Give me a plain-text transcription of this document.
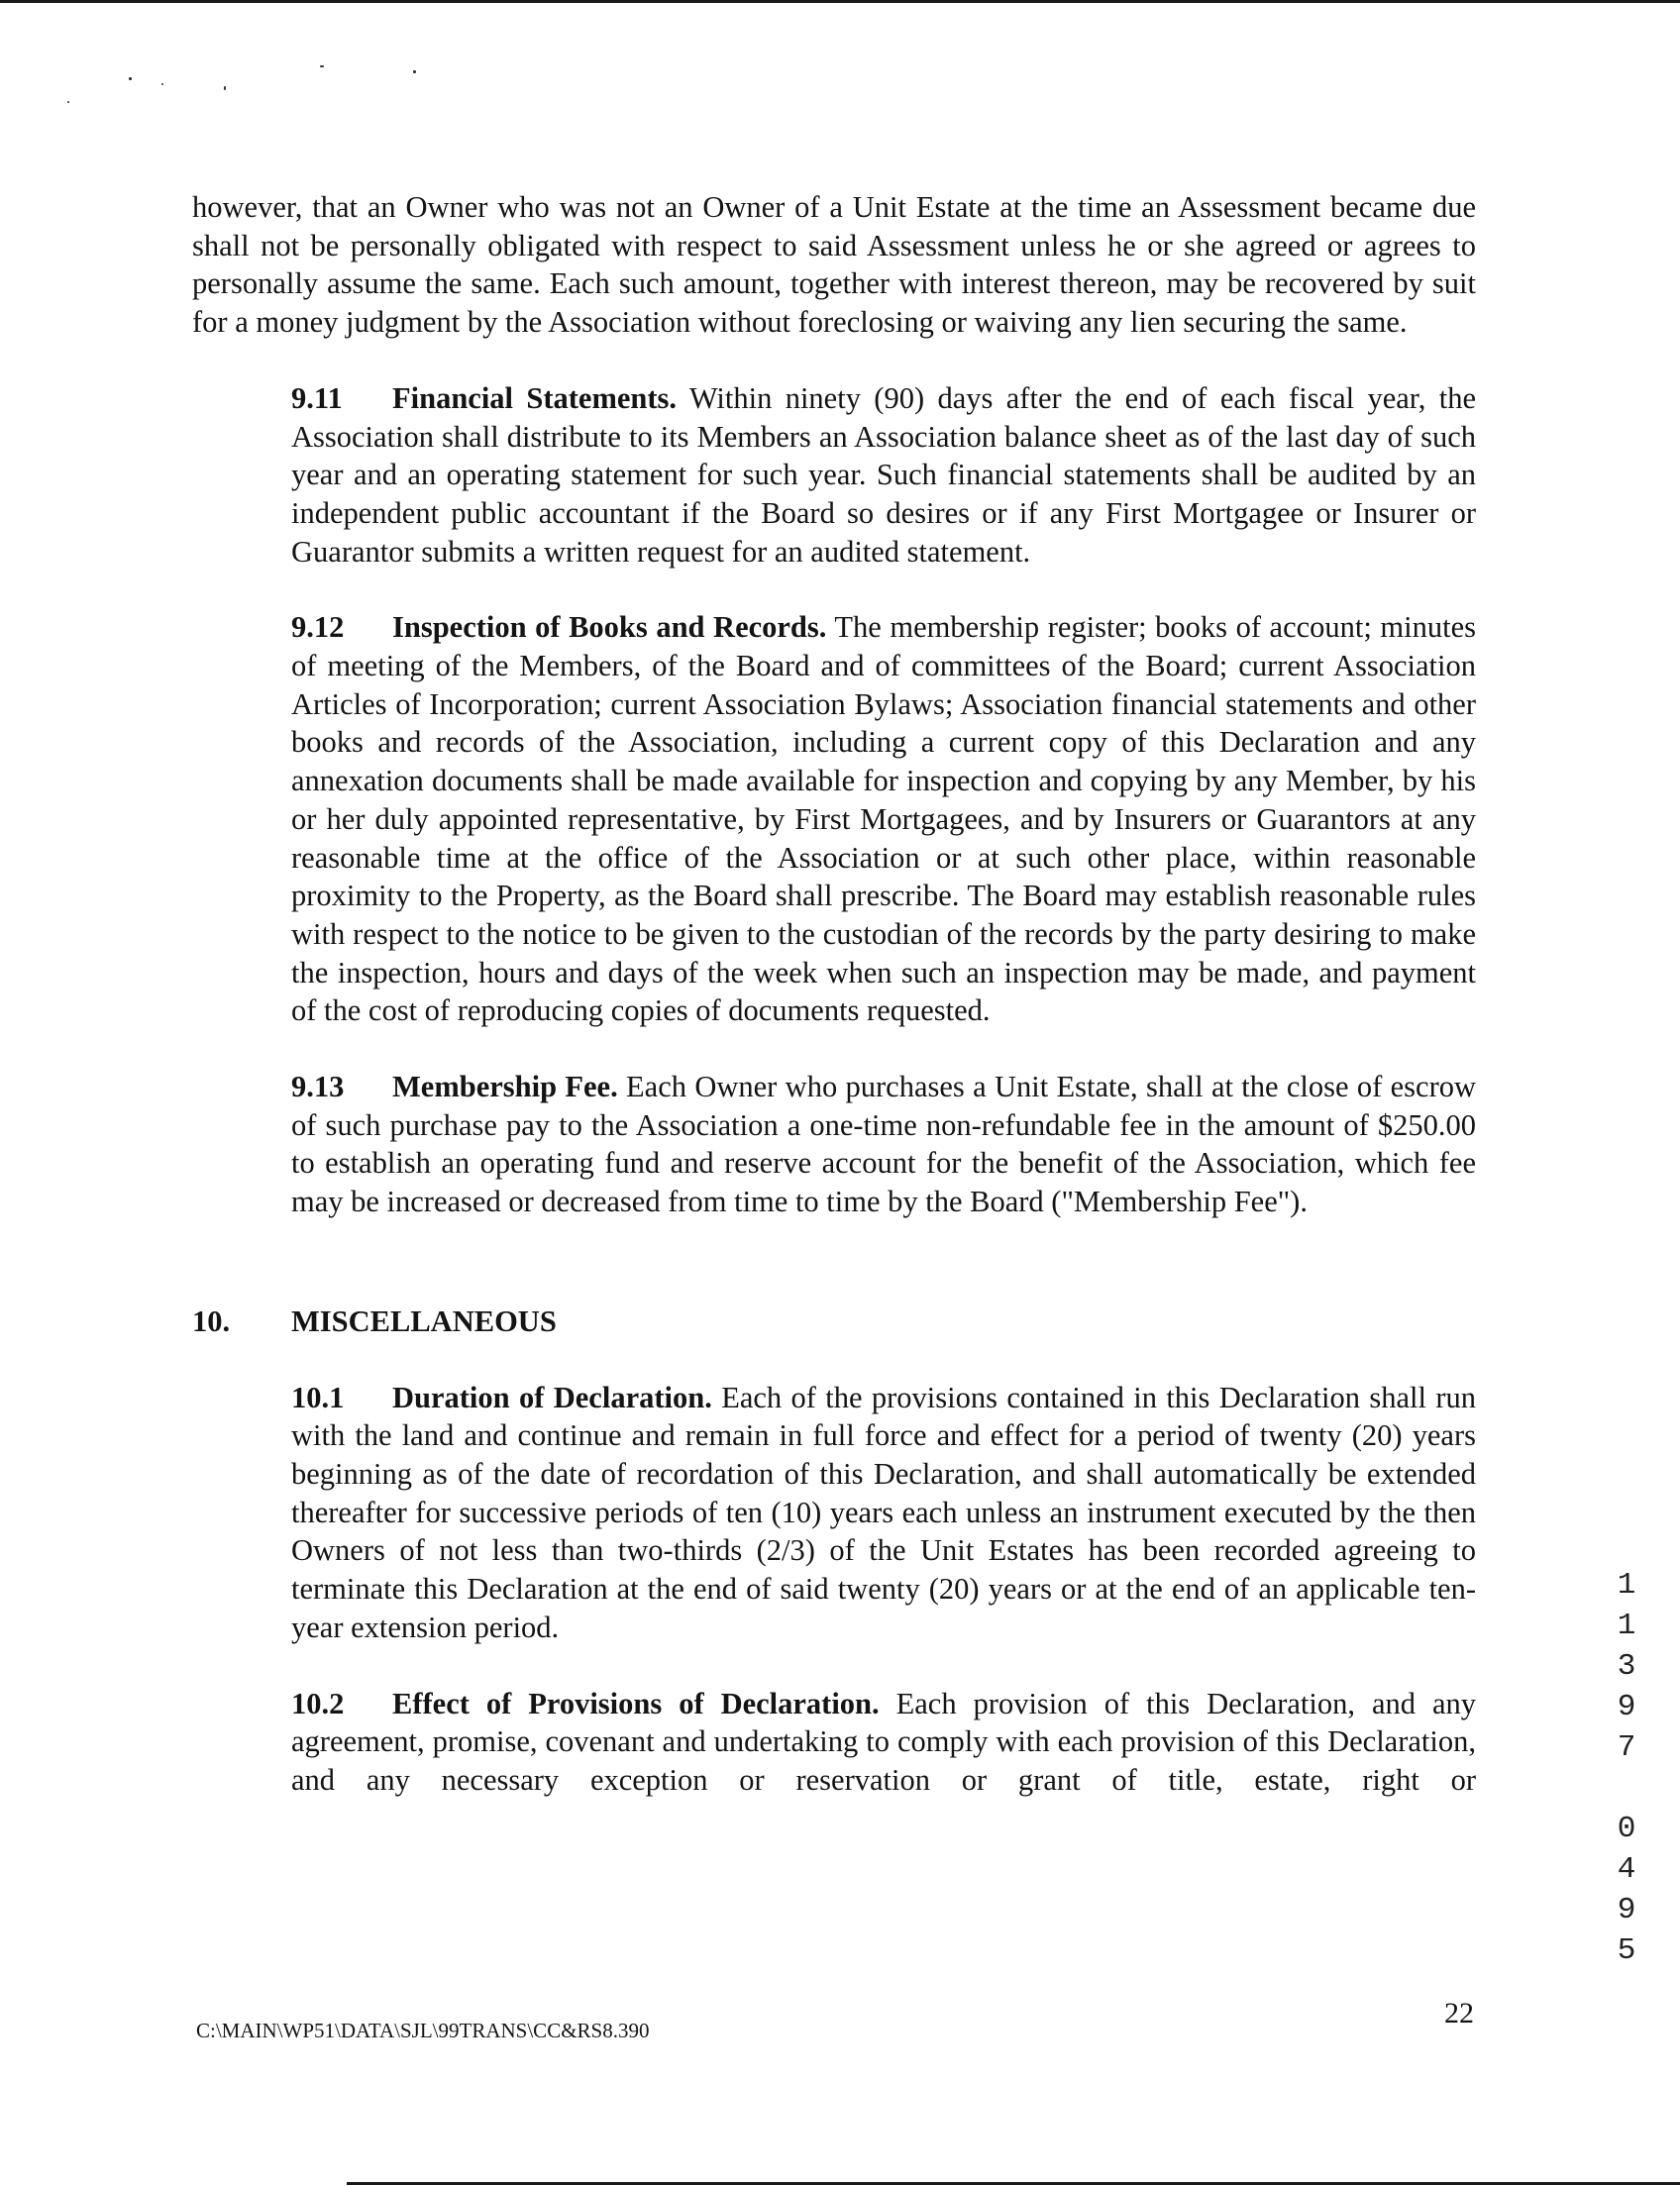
however, that an Owner who was not an Owner of a Unit Estate at the time an Assessment became due shall not be personally obligated with respect to said Assessment unless he or she agreed or agrees to personally assume the same. Each such amount, together with interest thereon, may be recovered by suit for a money judgment by the Association without foreclosing or waiving any lien securing the same.

9.11 Financial Statements. Within ninety (90) days after the end of each fiscal year, the Association shall distribute to its Members an Association balance sheet as of the last day of such year and an operating statement for such year. Such financial statements shall be audited by an independent public accountant if the Board so desires or if any First Mortgagee or Insurer or Guarantor submits a written request for an audited statement.

9.12 Inspection of Books and Records. The membership register; books of account; minutes of meeting of the Members, of the Board and of committees of the Board; current Association Articles of Incorporation; current Association Bylaws; Association financial statements and other books and records of the Association, including a current copy of this Declaration and any annexation documents shall be made available for inspection and copying by any Member, by his or her duly appointed representative, by First Mortgagees, and by Insurers or Guarantors at any reasonable time at the office of the Association or at such other place, within reasonable proximity to the Property, as the Board shall prescribe. The Board may establish reasonable rules with respect to the notice to be given to the custodian of the records by the party desiring to make the inspection, hours and days of the week when such an inspection may be made, and payment of the cost of reproducing copies of documents requested.

9.13 Membership Fee. Each Owner who purchases a Unit Estate, shall at the close of escrow of such purchase pay to the Association a one-time non-refundable fee in the amount of $250.00 to establish an operating fund and reserve account for the benefit of the Association, which fee may be increased or decreased from time to time by the Board ("Membership Fee").

10. MISCELLANEOUS

10.1 Duration of Declaration. Each of the provisions contained in this Declaration shall run with the land and continue and remain in full force and effect for a period of twenty (20) years beginning as of the date of recordation of this Declaration, and shall automatically be extended thereafter for successive periods of ten (10) years each unless an instrument executed by the then Owners of not less than two-thirds (2/3) of the Unit Estates has been recorded agreeing to terminate this Declaration at the end of said twenty (20) years or at the end of an applicable ten-year extension period.

10.2 Effect of Provisions of Declaration. Each provision of this Declaration, and any agreement, promise, covenant and undertaking to comply with each provision of this Declaration, and any necessary exception or reservation or grant of title, estate, right or

1
1
3
9
7

0
4
9
5
22
C:\MAIN\WP51\DATA\SJL\99TRANS\CC&RS8.390
